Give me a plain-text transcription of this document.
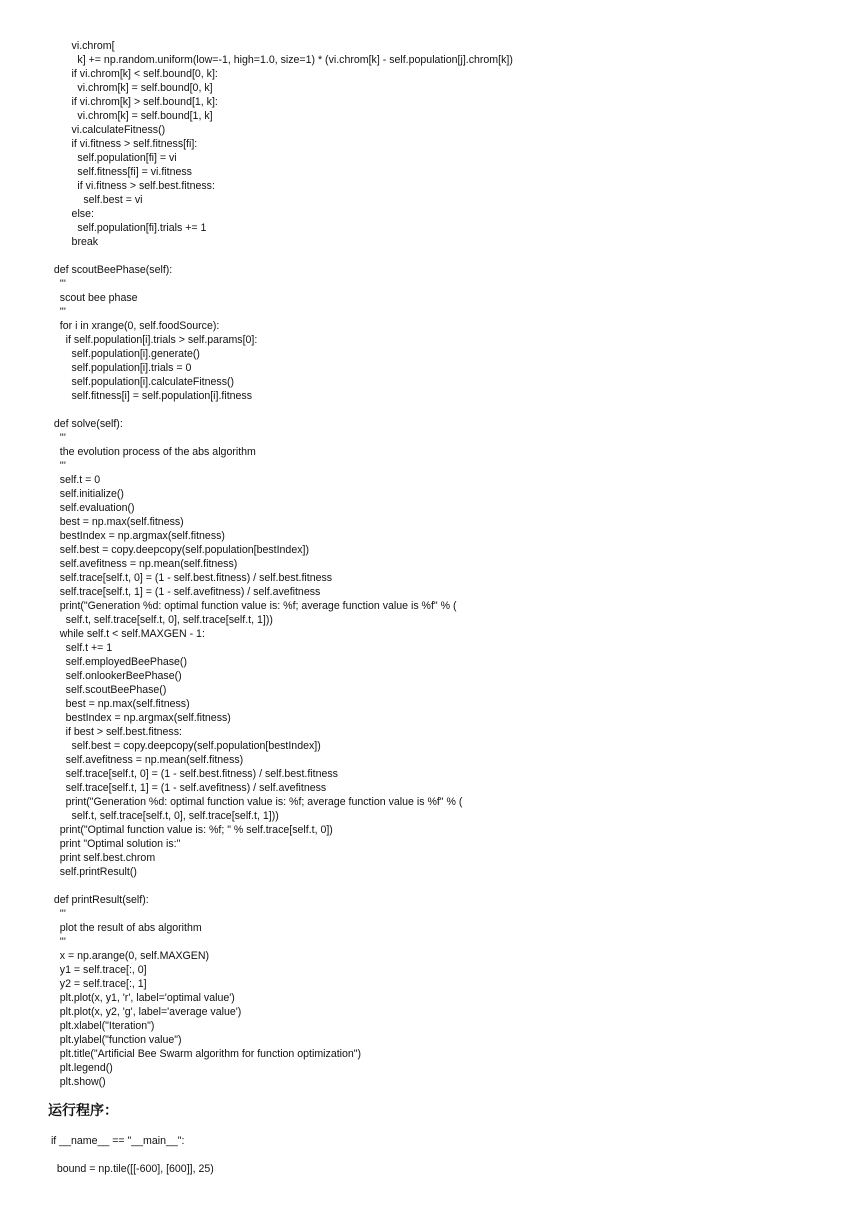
vi.chrom[
k] += np.random.uniform(low=-1, high=1.0, size=1) * (vi.chrom[k] - self.population[j].chrom[k])
if vi.chrom[k] < self.bound[0, k]:
vi.chrom[k] = self.bound[0, k]
if vi.chrom[k] > self.bound[1, k]:
vi.chrom[k] = self.bound[1, k]
vi.calculateFitness()
if vi.fitness > self.fitness[fi]:
self.population[fi] = vi
self.fitness[fi] = vi.fitness
if vi.fitness > self.best.fitness:
self.best = vi
else:
self.population[fi].trials += 1
break
def scoutBeePhase(self):
'''
scout bee phase
'''
for i in xrange(0, self.foodSource):
if self.population[i].trials > self.params[0]:
self.population[i].generate()
self.population[i].trials = 0
self.population[i].calculateFitness()
self.fitness[i] = self.population[i].fitness
def solve(self):
'''
the evolution process of the abs algorithm
'''
self.t = 0
self.initialize()
self.evaluation()
best = np.max(self.fitness)
bestIndex = np.argmax(self.fitness)
self.best = copy.deepcopy(self.population[bestIndex])
self.avefitness = np.mean(self.fitness)
self.trace[self.t, 0] = (1 - self.best.fitness) / self.best.fitness
self.trace[self.t, 1] = (1 - self.avefitness) / self.avefitness
print("Generation %d: optimal function value is: %f; average function value is %f" % (
self.t, self.trace[self.t, 0], self.trace[self.t, 1]))
while self.t < self.MAXGEN - 1:
self.t += 1
self.employedBeePhase()
self.onlookerBeePhase()
self.scoutBeePhase()
best = np.max(self.fitness)
bestIndex = np.argmax(self.fitness)
if best > self.best.fitness:
self.best = copy.deepcopy(self.population[bestIndex])
self.avefitness = np.mean(self.fitness)
self.trace[self.t, 0] = (1 - self.best.fitness) / self.best.fitness
self.trace[self.t, 1] = (1 - self.avefitness) / self.avefitness
print("Generation %d: optimal function value is: %f; average function value is %f" % (
self.t, self.trace[self.t, 0], self.trace[self.t, 1]))
print("Optimal function value is: %f; " % self.trace[self.t, 0])
print "Optimal solution is:"
print self.best.chrom
self.printResult()
def printResult(self):
'''
plot the result of abs algorithm
'''
x = np.arange(0, self.MAXGEN)
y1 = self.trace[:, 0]
y2 = self.trace[:, 1]
plt.plot(x, y1, 'r', label='optimal value')
plt.plot(x, y2, 'g', label='average value')
plt.xlabel("Iteration")
plt.ylabel("function value")
plt.title("Artificial Bee Swarm algorithm for function optimization")
plt.legend()
plt.show()
运行程序：
if __name__ == "__main__":
bound = np.tile([[-600], [600]], 25)
